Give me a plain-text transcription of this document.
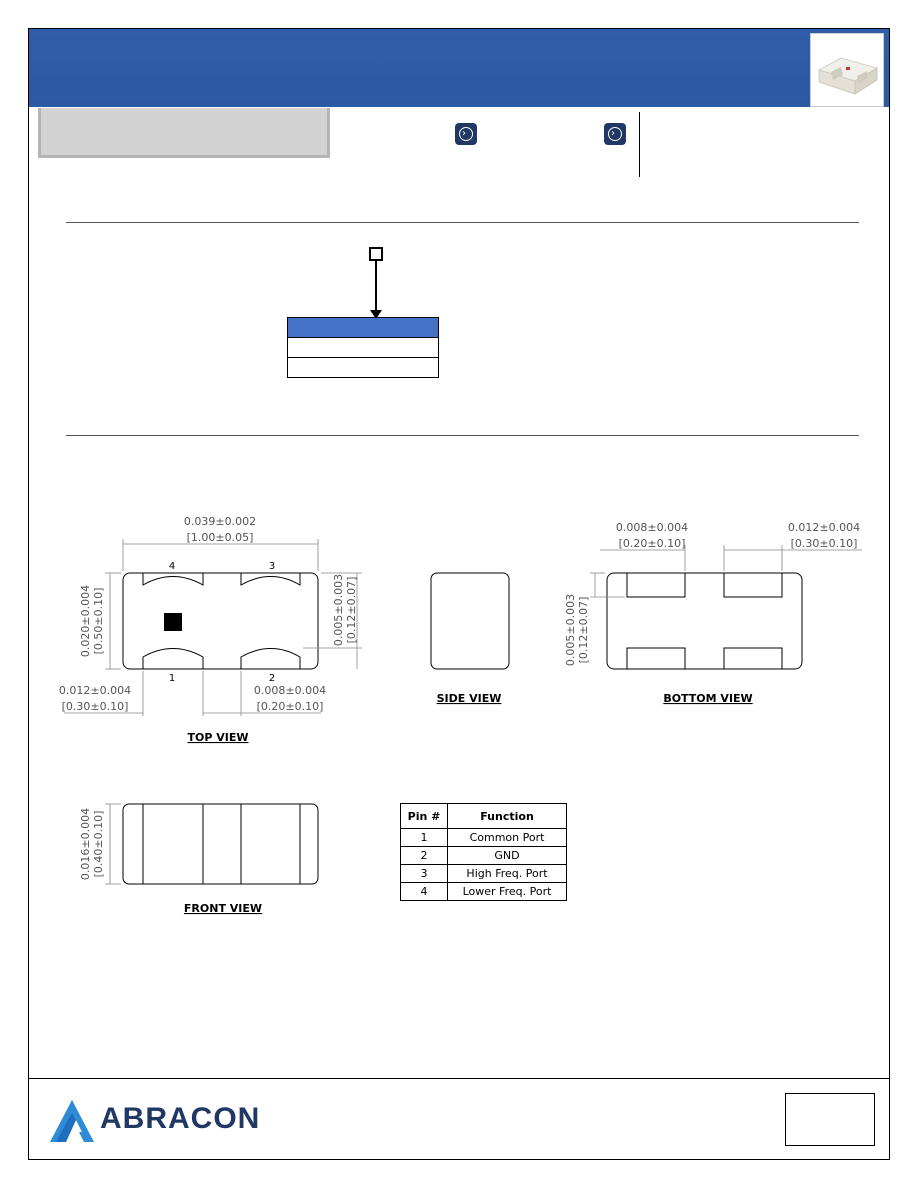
›	›
0.039±0.002
[1.00±0.05]
0.020±0.004 [0.50±0.10]	0.005±0.003 [0.12±0.07]
0.012±0.004
[0.30±0.10]
0.008±0.004
[0.20±0.10]
4	3
1	2
TOP VIEW
SIDE VIEW
0.008±0.004
[0.20±0.10]
0.012±0.004
[0.30±0.10]
0.005±0.003 [0.12±0.07]
BOTTOM VIEW
0.016±0.004 [0.40±0.10]
FRONT VIEW
Pin #	Function
1	Common Port
2	GND
3	High Freq. Port
4	Lower Freq. Port
ABRACON
